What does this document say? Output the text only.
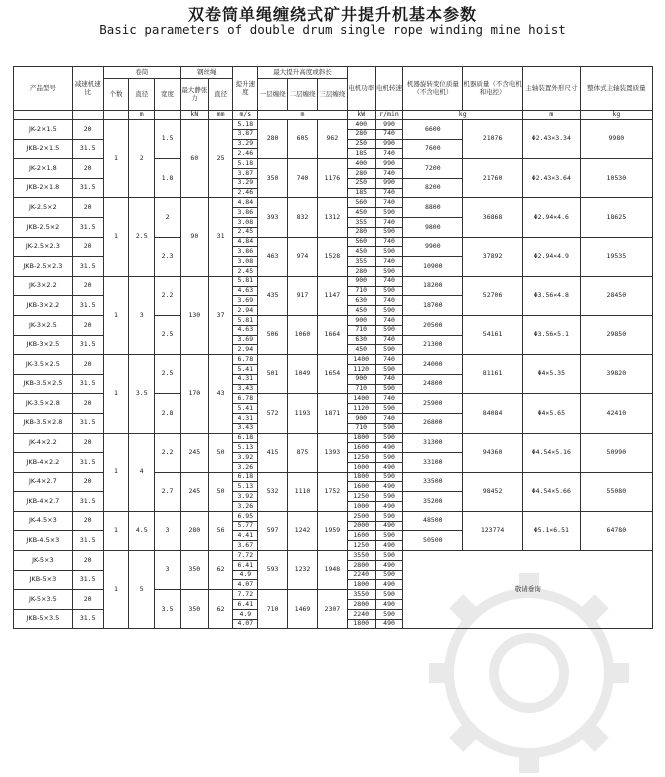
双卷筒单绳缠绕式矿井提升机基本参数
Basic parameters of double drum single rope winding mine hoist
产品型号	减速机速比	卷筒			钢丝绳		提升速度	最大提升高度或斜长			电机功率	电机转速	机器旋转变位质量（不含电机）	机器质量（不含电机和电控）	主轴装置外形尺寸	整体式主轴装置质量
		个数	直径	宽度	最大静张力	直径		一层缠绕	二层缠绕	三层缠绕						
			m		kN	mm	m/s	m			kW	r/min	kg		m	kg

JK-2×1.5	20	1	2	1.5	60	25	5.18	280	605	962	400	990	6600	21076	Φ2.43×3.34	9980
							3.87				280	740				

JKB-2×1.5	31.5						3.29				250	990	7600			
							2.46				185	740				

JK-2×1.8	20			1.8			5.18	350	740	1176	400	990	7200	21760	Φ2.43×3.64	10530
							3.87				280	740				

JKB-2×1.8	31.5						3.29				250	990	8200			
							2.46				185	740				

JK-2.5×2	20	1	2.5	2	90	31	4.84	393	832	1312	560	740	8800	36868	Φ2.94×4.6	18625
							3.86				450	590				

JKB-2.5×2	31.5						3.08				355	740	9800			
							2.45				280	590				

JK-2.5×2.3	20			2.3			4.84	463	974	1528	560	740	9900	37892	Φ2.94×4.9	19535
							3.86				450	590				

JKB-2.5×2.3	31.5						3.08				355	740	10900			
							2.45				280	590				

JK-3×2.2	20	1	3	2.2	130	37	5.81	435	917	1147	900	740	18200	52706	Φ3.56×4.8	28450
							4.63				710	590				

JKB-3×2.2	31.5						3.69				630	740	18700			
							2.94				450	590				

JK-3×2.5	20			2.5			5.81	506	1060	1664	900	740	20500	54161	Φ3.56×5.1	29850
							4.63				710	590				

JKB-3×2.5	31.5						3.69				630	740	21300			
							2.94				450	590				

JK-3.5×2.5	20	1	3.5	2.5	170	43	6.78	501	1049	1654	1400	740	24000	81161	Φ4×5.35	39820
							5.41				1120	590				

JKB-3.5×2.5	31.5						4.31				900	740	24800			
							3.43				710	590				

JK-3.5×2.8	20			2.8			6.78	572	1193	1871	1400	740	25900	84084	Φ4×5.65	42410
							5.41				1120	590				

JKB-3.5×2.8	31.5						4.31				900	740	26800			
							3.43				710	590				

JK-4×2.2	20	1	4	2.2	245	50	6.18	415	875	1393	1800	590	31300	94360	Φ4.54×5.16	50990
							5.13				1600	490				

JKB-4×2.2	31.5						3.92				1250	590	33100			
							3.26				1000	490				

JK-4×2.7	20			2.7	245	50	6.18	532	1110	1752	1800	590	33500	98452	Φ4.54×5.66	55080
							5.13				1600	490				

JKB-4×2.7	31.5						3.92				1250	590	35200			
							3.26				1000	490				

JK-4.5×3	20	1	4.5	3	280	56	6.95	597	1242	1959	2500	590	48500	123774	Φ5.1×6.51	64780
							5.77				2000	490				

JKB-4.5×3	31.5						4.41				1600	590	50500			
							3.67				1250	490				

JK-5×3	20	1	5	3	350	62	7.72	593	1232	1948	3550	590	敬请垂询			
							6.41				2800	490				

JKB-5×3	31.5						4.9				2240	590				
							4.07				1800	490				

JK-5×3.5	20			3.5	350	62	7.72	710	1469	2307	3550	590				
							6.41				2800	490				

JKB-5×3.5	31.5						4.9				2240	590				
							4.07				1800	490				
